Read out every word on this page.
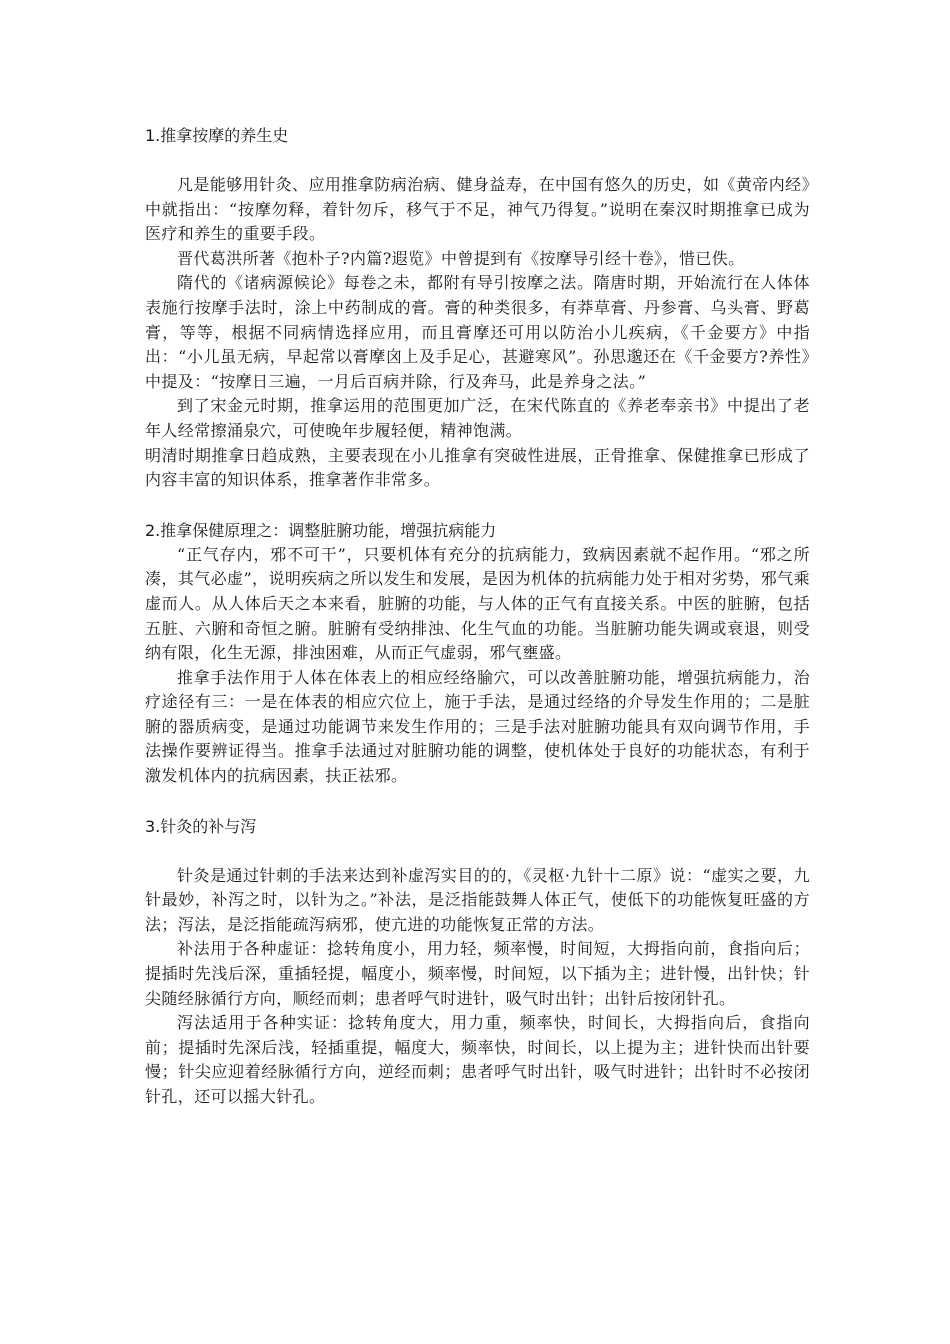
1.推拿按摩的养生史

凡是能够用针灸、应用推拿防病治病、健身益寿，在中国有悠久的历史，如《黄帝内经》中就指出：“按摩勿释，着针勿斥，移气于不足，神气乃得复。”说明在秦汉时期推拿已成为医疗和养生的重要手段。

晋代葛洪所著《抱朴子?内篇?遐览》中曾提到有《按摩导引经十卷》，惜已佚。

隋代的《诸病源候论》每卷之未，都附有导引按摩之法。隋唐时期，开始流行在人体体表施行按摩手法时，涂上中药制成的膏。膏的种类很多，有莽草膏、丹参膏、乌头膏、野葛膏，等等，根据不同病情选择应用，而且膏摩还可用以防治小儿疾病，《千金要方》中指出：“小儿虽无病，早起常以膏摩囟上及手足心，甚避寒风”。孙思邈还在《千金要方?养性》中提及：“按摩日三遍，一月后百病并除，行及奔马，此是养身之法。”

到了宋金元时期，推拿运用的范围更加广泛，在宋代陈直的《养老奉亲书》中提出了老年人经常擦涌泉穴，可使晚年步履轻便，精神饱满。

明清时期推拿日趋成熟，主要表现在小儿推拿有突破性进展，正骨推拿、保健推拿已形成了内容丰富的知识体系，推拿著作非常多。

2.推拿保健原理之：调整脏腑功能，增强抗病能力

“正气存内，邪不可干”，只要机体有充分的抗病能力，致病因素就不起作用。“邪之所凑，其气必虚”，说明疾病之所以发生和发展，是因为机体的抗病能力处于相对劣势，邪气乘虚而人。从人体后天之本来看，脏腑的功能，与人体的正气有直接关系。中医的脏腑，包括五脏、六腑和奇恒之腑。脏腑有受纳排浊、化生气血的功能。当脏腑功能失调或衰退，则受纳有限，化生无源，排浊困难，从而正气虚弱，邪气壅盛。

推拿手法作用于人体在体表上的相应经络腧穴，可以改善脏腑功能，增强抗病能力，治疗途径有三：一是在体表的相应穴位上，施于手法，是通过经络的介导发生作用的；二是脏腑的器质病变，是通过功能调节来发生作用的；三是手法对脏腑功能具有双向调节作用，手法操作要辨证得当。推拿手法通过对脏腑功能的调整，使机体处于良好的功能状态，有利于激发机体内的抗病因素，扶正祛邪。

3.针灸的补与泻

针灸是通过针刺的手法来达到补虚泻实目的的，《灵枢·九针十二原》说：“虚实之要，九针最妙，补泻之时，以针为之。”补法，是泛指能鼓舞人体正气，使低下的功能恢复旺盛的方法；泻法，是泛指能疏泻病邪，使亢进的功能恢复正常的方法。

补法用于各种虚证：捻转角度小，用力轻，频率慢，时间短，大拇指向前，食指向后；提插时先浅后深，重插轻提，幅度小，频率慢，时间短，以下插为主；进针慢，出针快；针尖随经脉循行方向，顺经而刺；患者呼气时进针，吸气时出针；出针后按闭针孔。

泻法适用于各种实证：捻转角度大，用力重，频率快，时间长，大拇指向后，食指向前；提插时先深后浅，轻插重提，幅度大，频率快，时间长，以上提为主；进针快而出针要慢；针尖应迎着经脉循行方向，逆经而刺；患者呼气时出针，吸气时进针；出针时不必按闭针孔，还可以摇大针孔。
